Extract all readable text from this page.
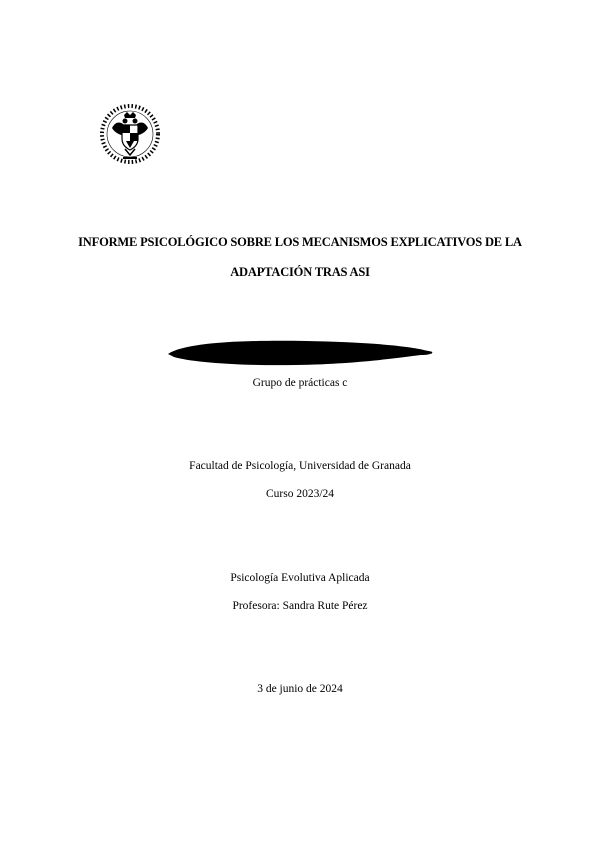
INFORME PSICOLÓGICO SOBRE LOS MECANISMOS EXPLICATIVOS DE LA
ADAPTACIÓN TRAS ASI
Grupo de prácticas c
Facultad de Psicología, Universidad de Granada
Curso 2023/24
Psicología Evolutiva Aplicada
Profesora: Sandra Rute Pérez
3 de junio de 2024
